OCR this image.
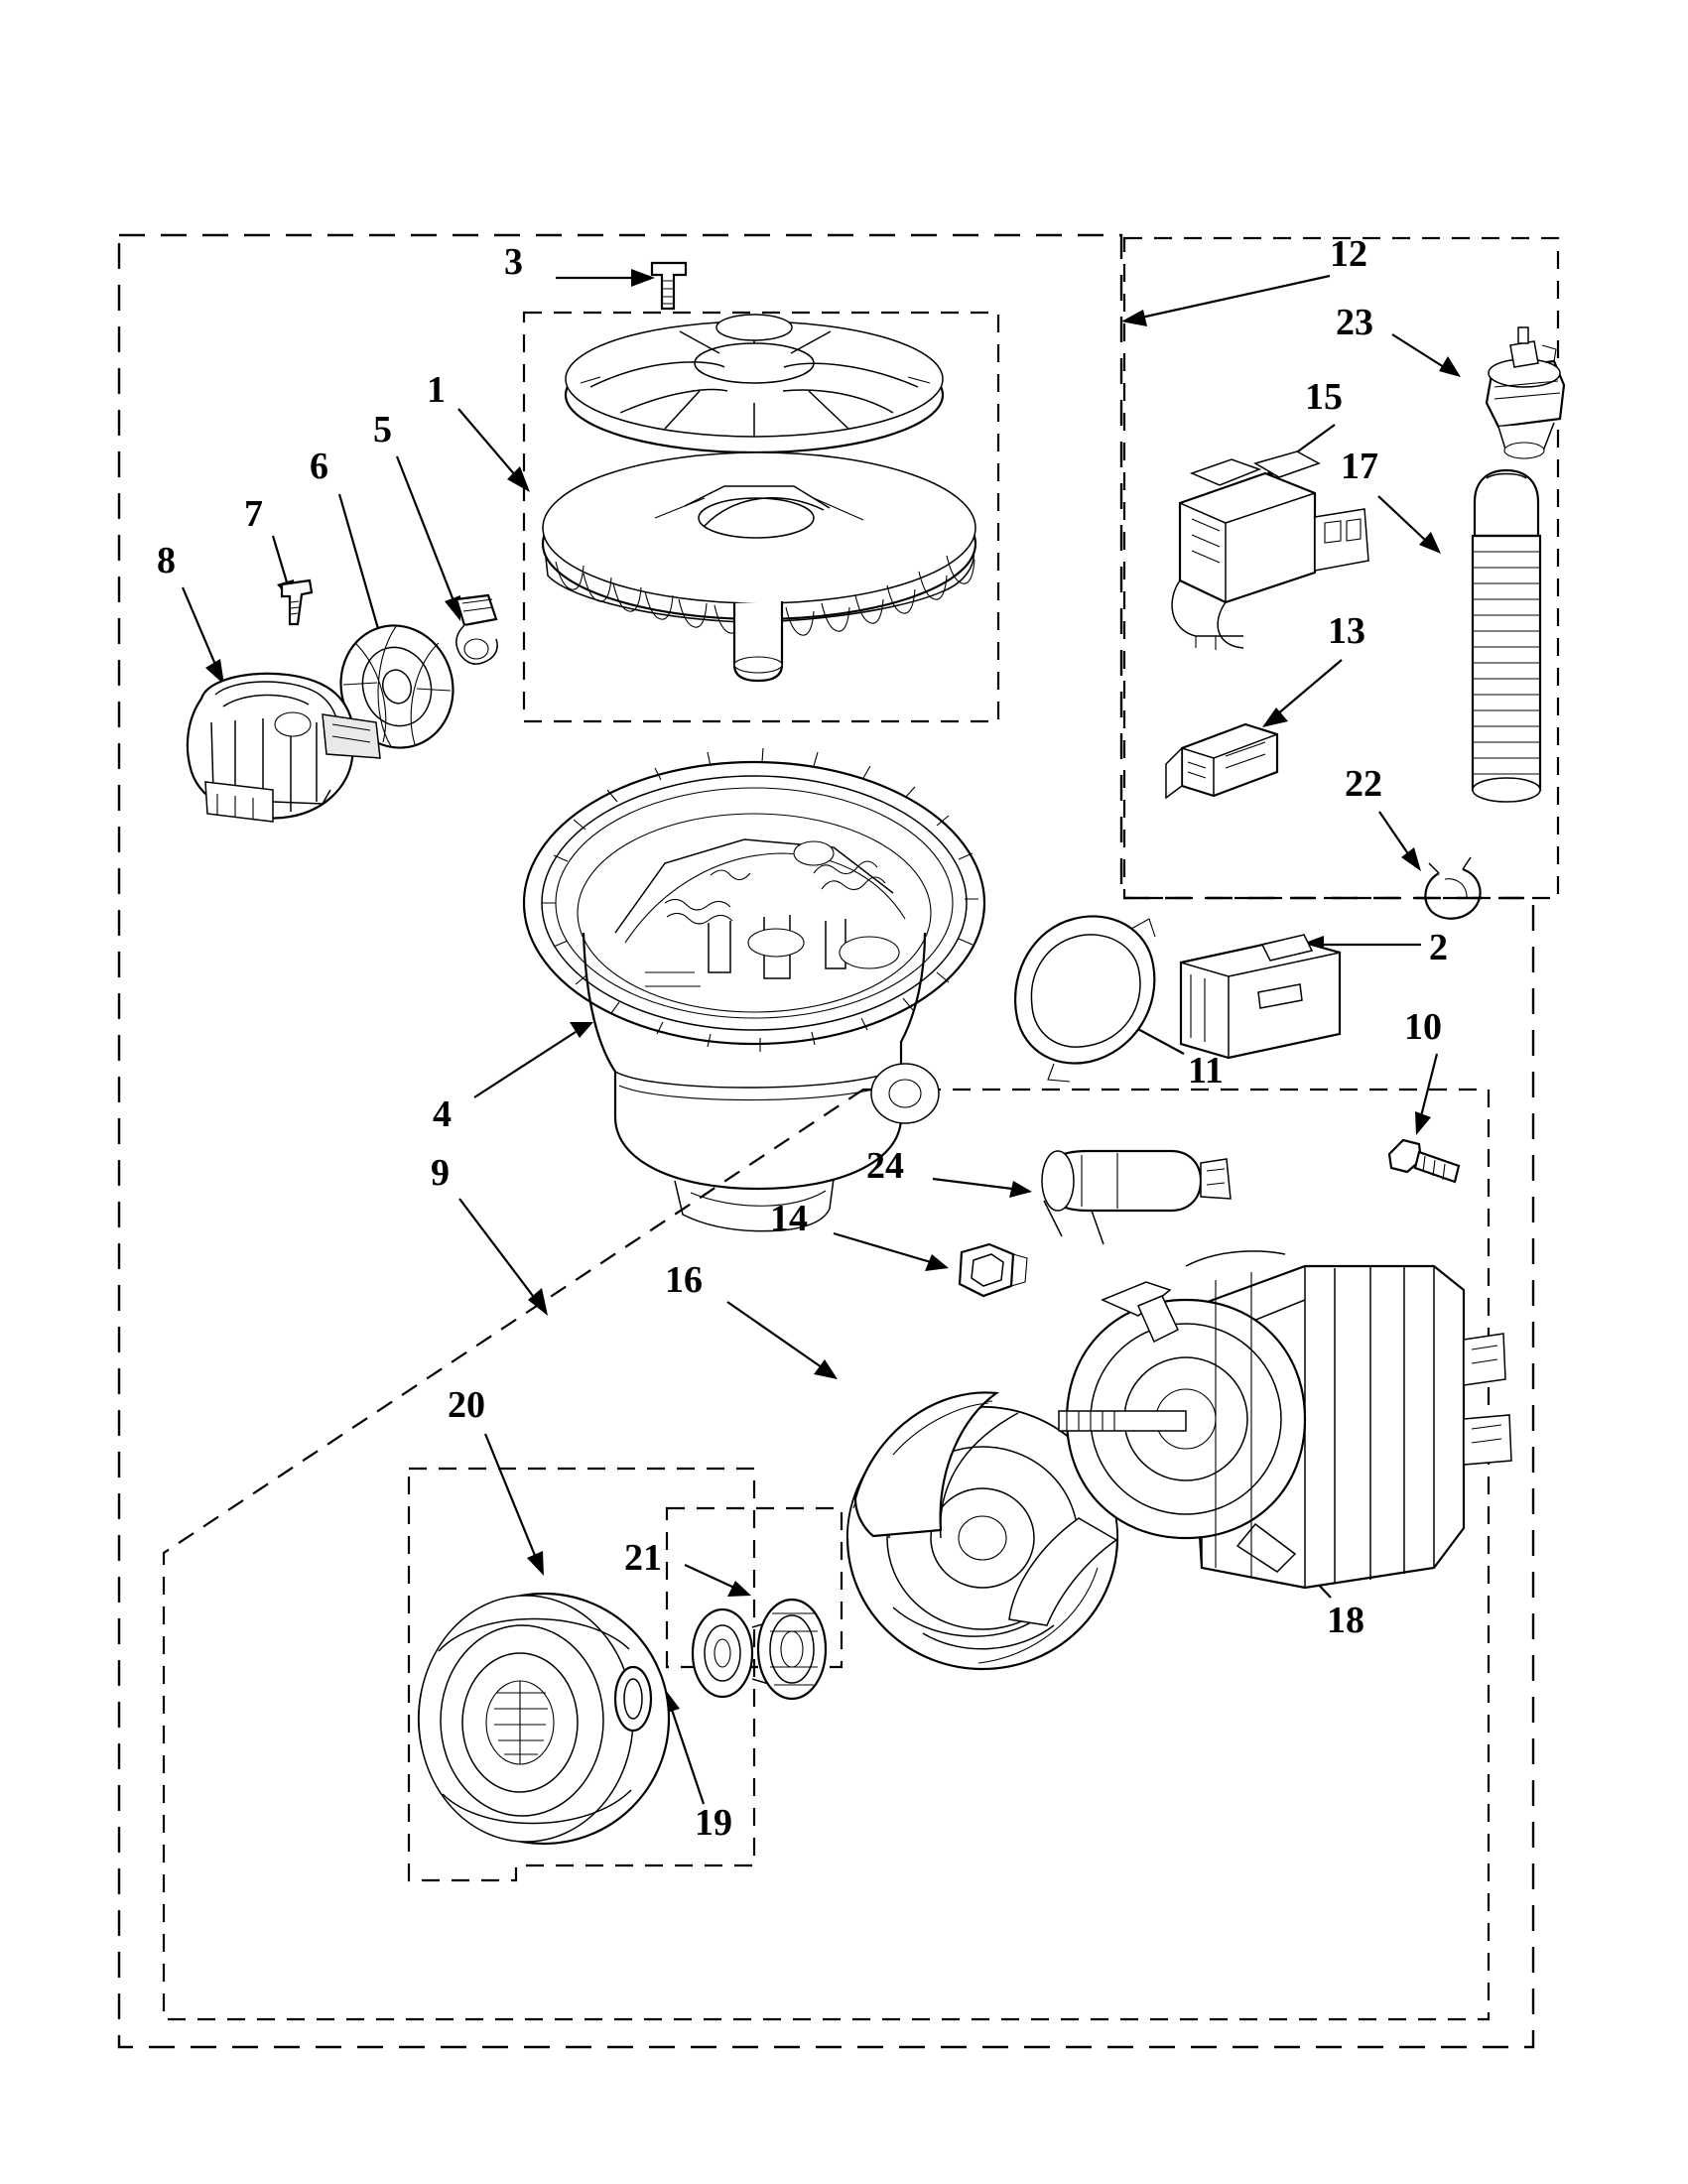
1
2
3
4
5
6
7
8
9
10
11
12
13
14
15
16
17
18
19
20
21
22
23
24
